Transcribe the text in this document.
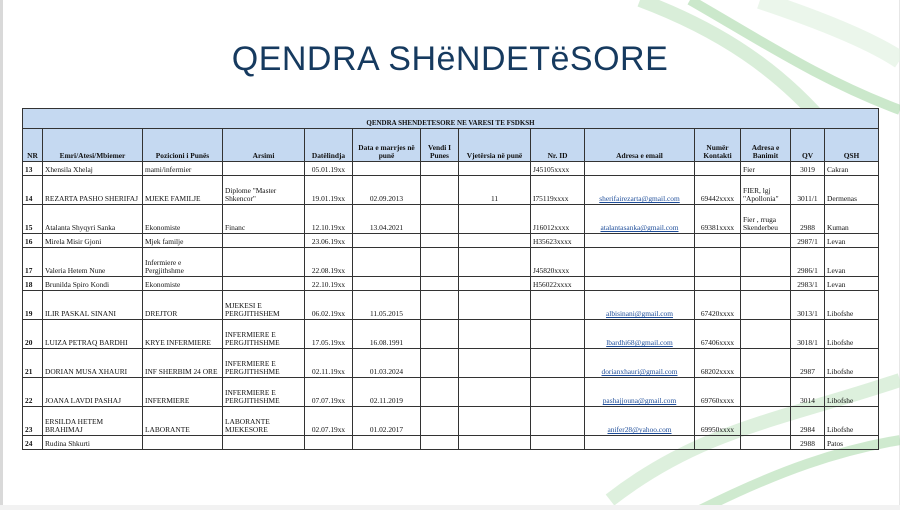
QENDRA SHëNDETëSORE
QENDRA SHENDETESORE NE VARESI TE FSDKSH													
NR	Emri/Atesi/Mbiemer	Pozicioni i Punës	Arsimi	Datëlindja	Data e marrjes në punë	Vendi I Punes	Vjetërsia në punë	Nr. ID	Adresa e email	Numër Kontakti	Adresa e Banimit	QV	QSH
13	Xhensila Xhelaj	mami/infermier		05.01.19xx				J45105xxxx			Fier	3019	Cakran
14	REZARTA PASHO SHERIFAJ	MJEKE FAMILJE	Diplome "Master Shkencor"	19.01.19xx	02.09.2013		11	I75119xxxx	sherifairezarta@gmail.com	69442xxxx	FIER, lgj "Apollonia"	3011/1	Dermenas
15	Atalanta Shyqyri Sanka	Ekonomiste	Financ	12.10.19xx	13.04.2021			J16012xxxx	atalantasanka@gmail.com	69381xxxx	Fier , rruga Skenderbeu	2988	Kuman
16	Mirela Misir Gjoni	Mjek familje		23.06.19xx				H35623xxxx				2987/1	Levan
17	Valeria Hetem Nune	Infermiere e Pergjithshme		22.08.19xx				J45820xxxx				2986/1	Levan
18	Brunilda Spiro Kondi	Ekonomiste		22.10.19xx				H56022xxxx				2983/1	Levan
19	ILIR PASKAL SINANI	DREJTOR	MJEKESI E PERGJITHSHEM	06.02.19xx	11.05.2015				albisinani@gmail.com	67420xxxx		3013/1	Libofshe
20	LUIZA PETRAQ BARDHI	KRYE INFERMIERE	INFERMIERE E PERGJITHSHME	17.05.19xx	16.08.1991				lbardhi68@gmail.com	67406xxxx		3018/1	Libofshe
21	DORIAN MUSA XHAURI	INF SHERBIM 24 ORE	INFERMIERE E PERGJITHSHME	02.11.19xx	01.03.2024				dorianxhauri@gmail.com	68202xxxx		2987	Libofshe
22	JOANA LAVDI PASHAJ	INFERMIERE	INFERMIERE E PERGJITHSHME	07.07.19xx	02.11.2019				pashajjouna@gmail.com	69760xxxx		3014	Libofshe
23	ERSILDA HETEM BRAHIMAJ	LABORANTE	LABORANTE MJEKESORE	02.07.19xx	01.02.2017				anifer28@yahoo.com	69950xxxx		2984	Libofshe
24	Rudina Shkurti											2988	Patos
